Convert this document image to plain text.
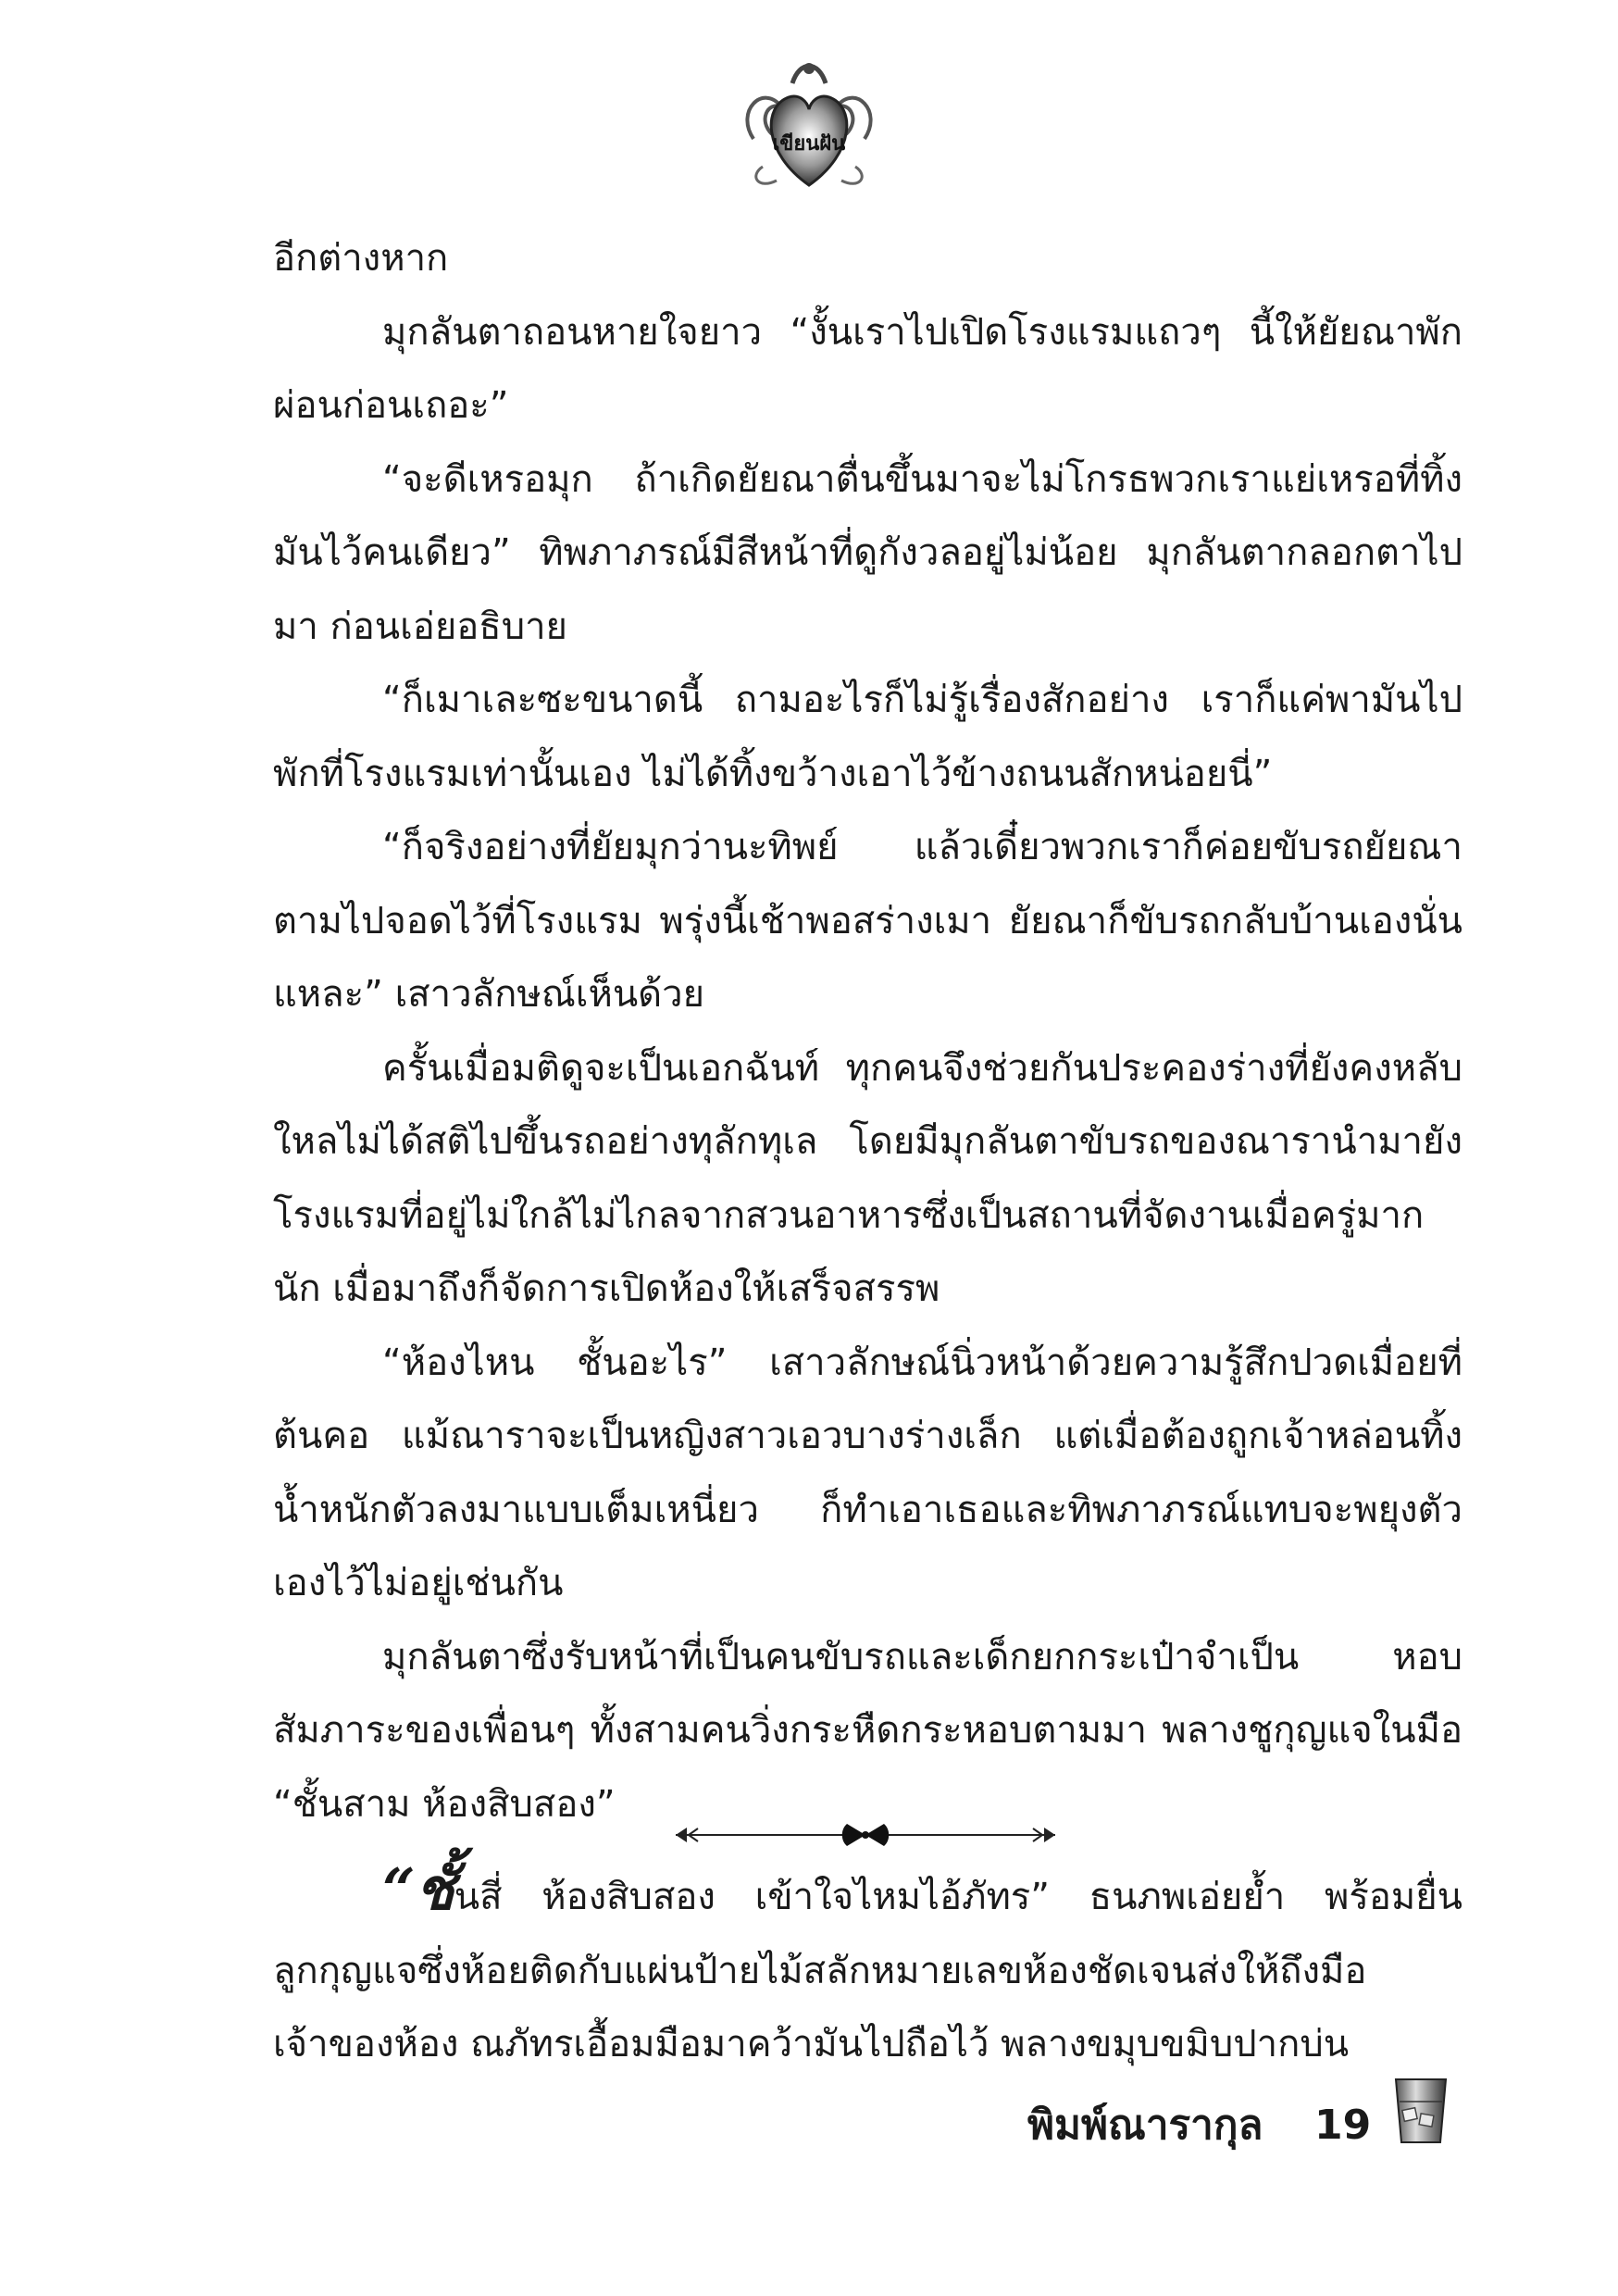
เขียนฝัน

อีกต่างหาก

มุกลันตาถอนหายใจยาว “งั้นเราไปเปิดโรงแรมแถวๆ นี้ให้ยัยณาพักผ่อนก่อนเถอะ”

“จะดีเหรอมุก ถ้าเกิดยัยณาตื่นขึ้นมาจะไม่โกรธพวกเราแย่เหรอที่ทิ้งมันไว้คนเดียว” ทิพภาภรณ์มีสีหน้าที่ดูกังวลอยู่ไม่น้อย มุกลันตากลอกตาไปมา ก่อนเอ่ยอธิบาย

“ก็เมาเละซะขนาดนี้ ถามอะไรก็ไม่รู้เรื่องสักอย่าง เราก็แค่พามันไปพักที่โรงแรมเท่านั้นเอง ไม่ได้ทิ้งขว้างเอาไว้ข้างถนนสักหน่อยนี่”

“ก็จริงอย่างที่ยัยมุกว่านะทิพย์ แล้วเดี๋ยวพวกเราก็ค่อยขับรถยัยณาตามไปจอดไว้ที่โรงแรม พรุ่งนี้เช้าพอสร่างเมา ยัยณาก็ขับรถกลับบ้านเองนั่นแหละ” เสาวลักษณ์เห็นด้วย

ครั้นเมื่อมติดูจะเป็นเอกฉันท์ ทุกคนจึงช่วยกันประคองร่างที่ยังคงหลับใหลไม่ได้สติไปขึ้นรถอย่างทุลักทุเล โดยมีมุกลันตาขับรถของณารานำมายังโรงแรมที่อยู่ไม่ใกล้ไม่ไกลจากสวนอาหารซึ่งเป็นสถานที่จัดงานเมื่อครู่มากนัก เมื่อมาถึงก็จัดการเปิดห้องให้เสร็จสรรพ

“ห้องไหน ชั้นอะไร” เสาวลักษณ์นิ่วหน้าด้วยความรู้สึกปวดเมื่อยที่ต้นคอ แม้ณาราจะเป็นหญิงสาวเอวบางร่างเล็ก แต่เมื่อต้องถูกเจ้าหล่อนทิ้งน้ำหนักตัวลงมาแบบเต็มเหนี่ยว ก็ทำเอาเธอและทิพภาภรณ์แทบจะพยุงตัวเองไว้ไม่อยู่เช่นกัน

มุกลันตาซึ่งรับหน้าที่เป็นคนขับรถและเด็กยกกระเป๋าจำเป็น หอบสัมภาระของเพื่อนๆ ทั้งสามคนวิ่งกระหืดกระหอบตามมา พลางชูกุญแจในมือ “ชั้นสาม ห้องสิบสอง”

“ชั้นสี่ ห้องสิบสอง เข้าใจไหมไอ้ภัทร” ธนภพเอ่ยย้ำ พร้อมยื่นลูกกุญแจซึ่งห้อยติดกับแผ่นป้ายไม้สลักหมายเลขห้องชัดเจนส่งให้ถึงมือเจ้าของห้อง ณภัทรเอื้อมมือมาคว้ามันไปถือไว้ พลางขมุบขมิบปากบ่น

พิมพ์ณารากุล 19
